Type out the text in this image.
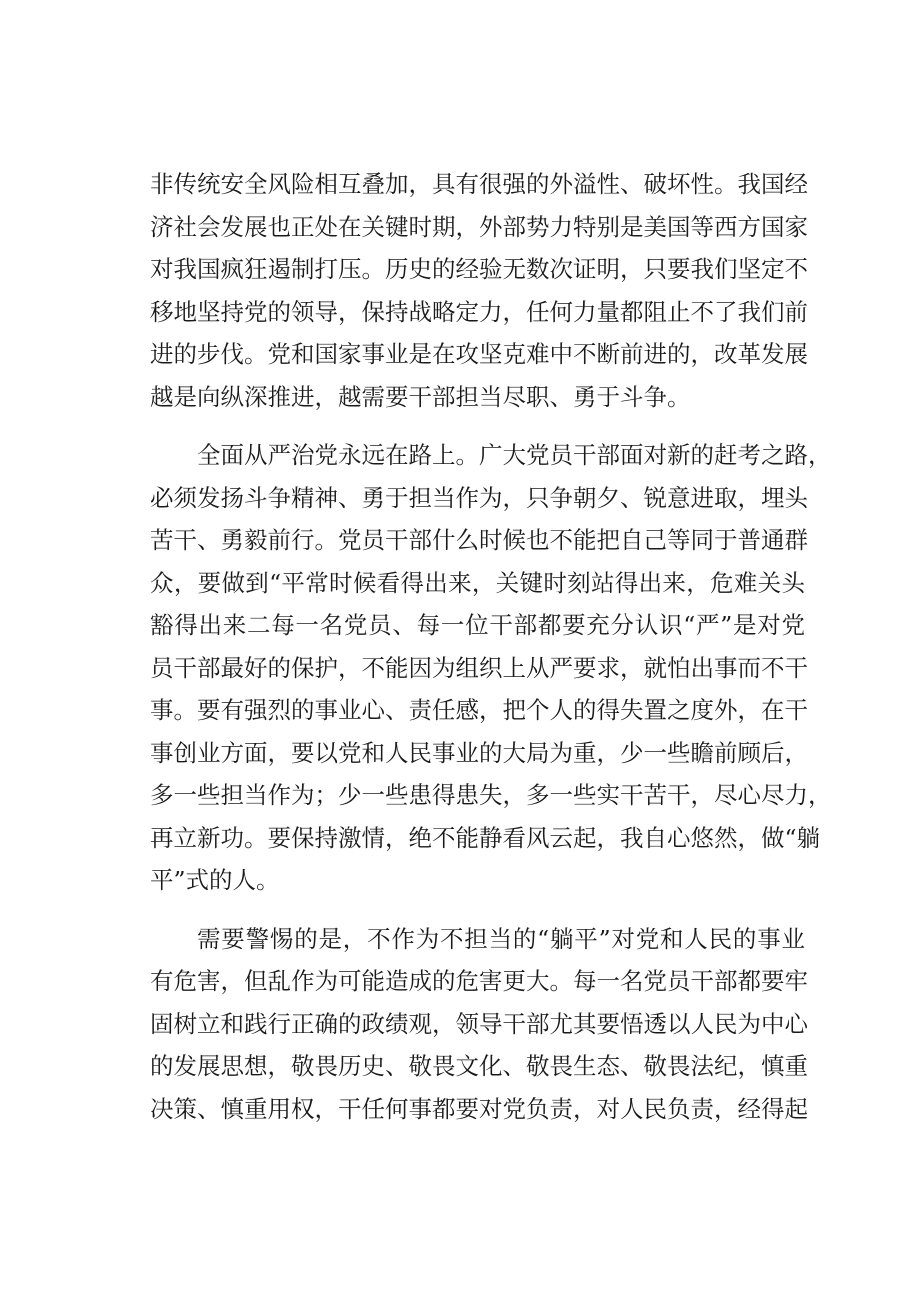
非传统安全风险相互叠加，具有很强的外溢性、破坏性。我国经
济社会发展也正处在关键时期，外部势力特别是美国等西方国家
对我国疯狂遏制打压。历史的经验无数次证明，只要我们坚定不
移地坚持党的领导，保持战略定力，任何力量都阻止不了我们前
进的步伐。党和国家事业是在攻坚克难中不断前进的，改革发展
越是向纵深推进，越需要干部担当尽职、勇于斗争。
全面从严治党永远在路上。广大党员干部面对新的赶考之路，
必须发扬斗争精神、勇于担当作为，只争朝夕、锐意进取，埋头
苦干、勇毅前行。党员干部什么时候也不能把自己等同于普通群
众，要做到“平常时候看得出来，关键时刻站得出来，危难关头
豁得出来二每一名党员、每一位干部都要充分认识“严”是对党
员干部最好的保护，不能因为组织上从严要求，就怕出事而不干
事。要有强烈的事业心、责任感，把个人的得失置之度外，在干
事创业方面，要以党和人民事业的大局为重，少一些瞻前顾后，
多一些担当作为；少一些患得患失，多一些实干苦干，尽心尽力，
再立新功。要保持激情，绝不能静看风云起，我自心悠然，做“躺
平”式的人。
需要警惕的是，不作为不担当的“躺平”对党和人民的事业
有危害，但乱作为可能造成的危害更大。每一名党员干部都要牢
固树立和践行正确的政绩观，领导干部尤其要悟透以人民为中心
的发展思想，敬畏历史、敬畏文化、敬畏生态、敬畏法纪，慎重
决策、慎重用权，干任何事都要对党负责，对人民负责，经得起
